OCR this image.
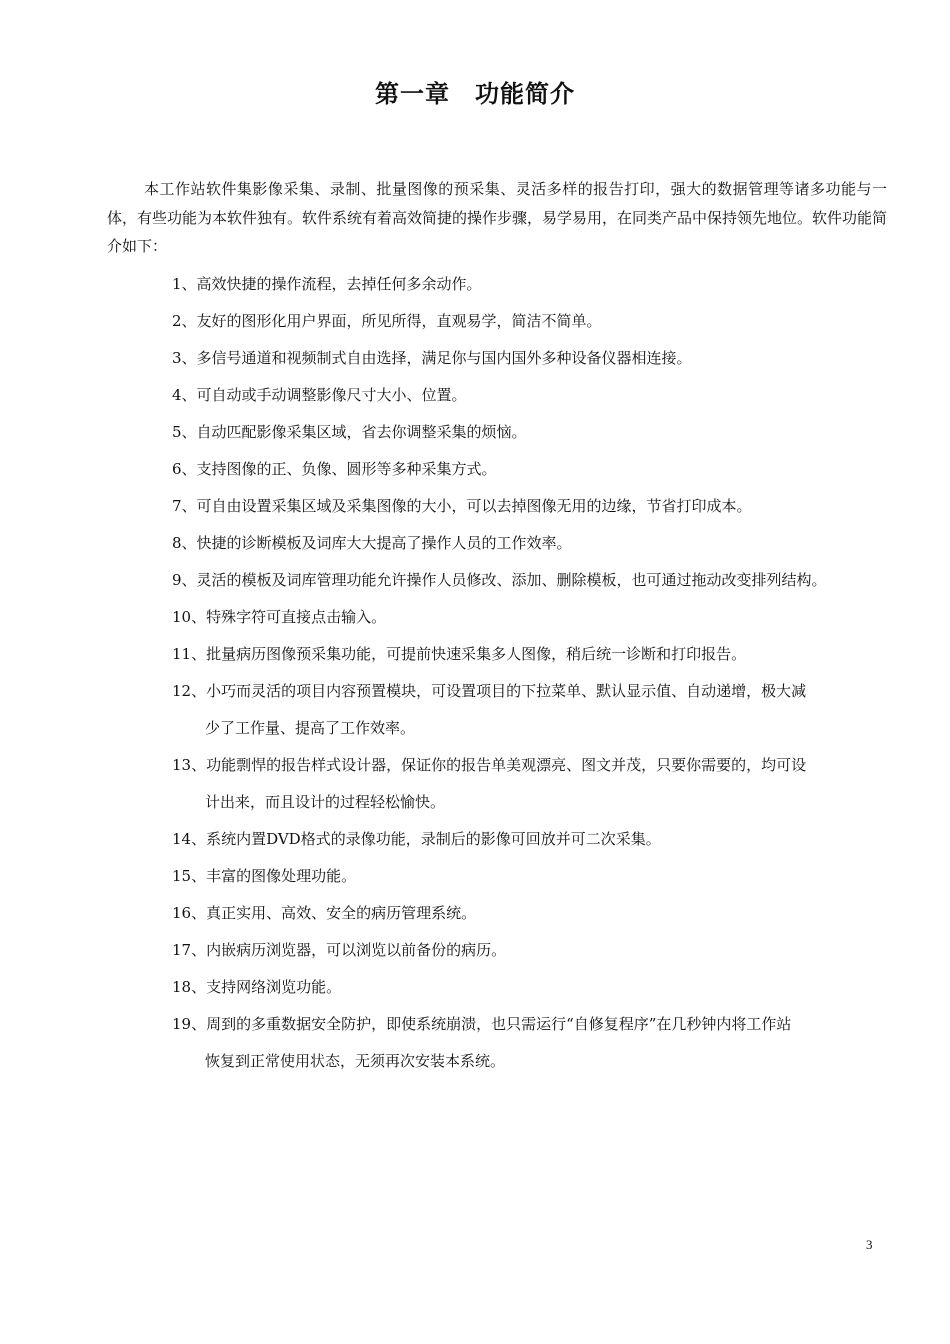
第一章　功能简介

本工作站软件集影像采集、录制、批量图像的预采集、灵活多样的报告打印，强大的数据管理等诸多功能与一体，有些功能为本软件独有。软件系统有着高效简捷的操作步骤，易学易用，在同类产品中保持领先地位。软件功能简介如下：

1、高效快捷的操作流程，去掉任何多余动作。
2、友好的图形化用户界面，所见所得，直观易学，简洁不简单。
3、多信号通道和视频制式自由选择，满足你与国内国外多种设备仪器相连接。
4、可自动或手动调整影像尺寸大小、位置。
5、自动匹配影像采集区域，省去你调整采集的烦恼。
6、支持图像的正、负像、圆形等多种采集方式。
7、可自由设置采集区域及采集图像的大小，可以去掉图像无用的边缘，节省打印成本。
8、快捷的诊断模板及词库大大提高了操作人员的工作效率。
9、灵活的模板及词库管理功能允许操作人员修改、添加、删除模板，也可通过拖动改变排列结构。
10、特殊字符可直接点击输入。
11、批量病历图像预采集功能，可提前快速采集多人图像，稍后统一诊断和打印报告。
12、小巧而灵活的项目内容预置模块，可设置项目的下拉菜单、默认显示值、自动递增，极大减
少了工作量、提高了工作效率。
13、功能剽悍的报告样式设计器，保证你的报告单美观漂亮、图文并茂，只要你需要的，均可设
计出来，而且设计的过程轻松愉快。
14、系统内置DVD格式的录像功能，录制后的影像可回放并可二次采集。
15、丰富的图像处理功能。
16、真正实用、高效、安全的病历管理系统。
17、内嵌病历浏览器，可以浏览以前备份的病历。
18、支持网络浏览功能。
19、周到的多重数据安全防护，即使系统崩溃，也只需运行“自修复程序”在几秒钟内将工作站
恢复到正常使用状态，无须再次安装本系统。
3
